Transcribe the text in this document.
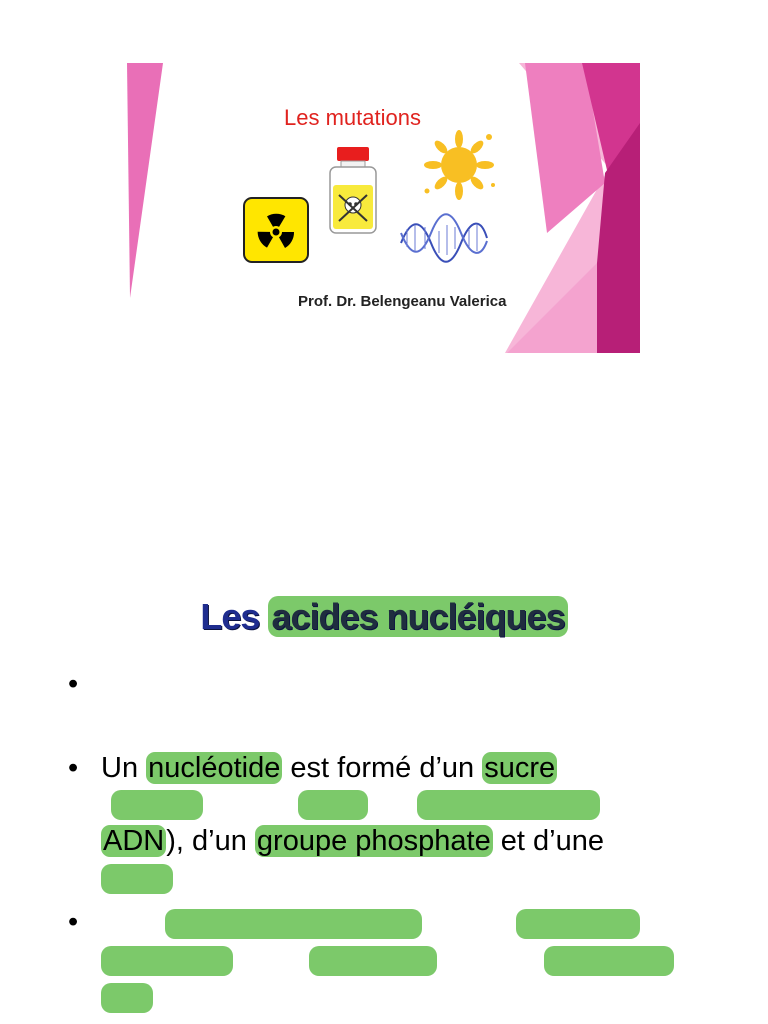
Les mutations
Prof. Dr. Belengeanu Valerica
Les acides nucléiques
•
• Un nucléotide est formé d’un sucre
ADN), d’un groupe phosphate et d’une
•
